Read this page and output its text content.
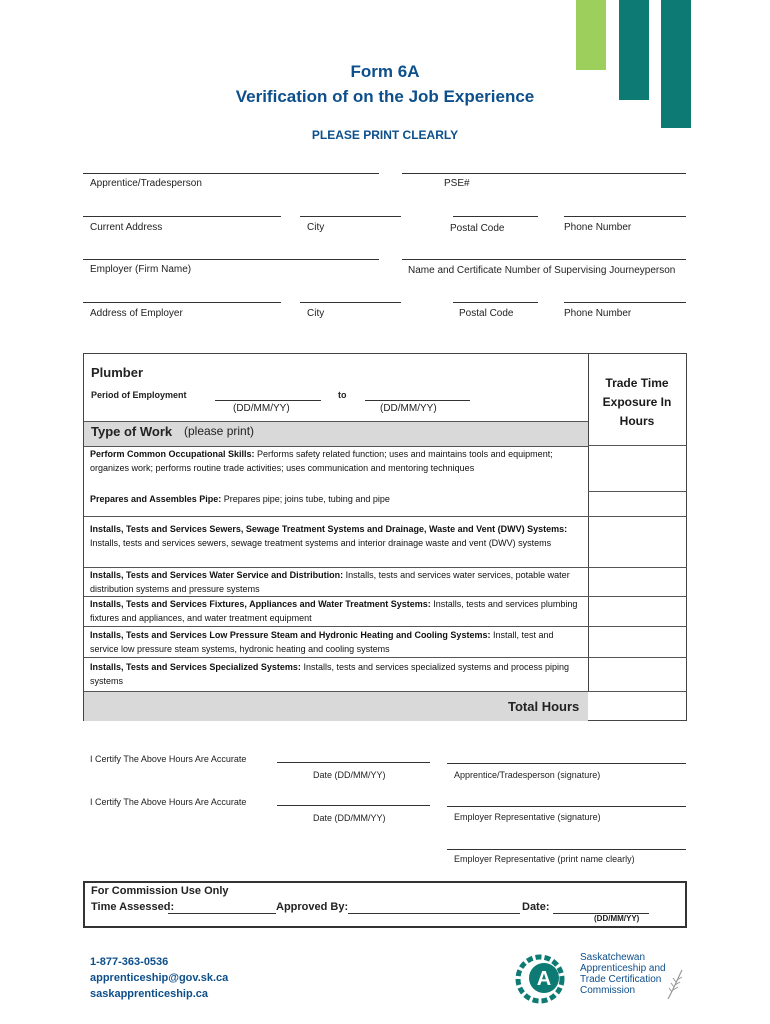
Form 6A
Verification of on the Job Experience
PLEASE PRINT CLEARLY
Apprentice/Tradesperson	PSE#
Current Address	City	Postal Code	Phone Number
Employer (Firm Name)	Name and Certificate Number of Supervising Journeyperson
Address of Employer	City	Postal Code	Phone Number
Plumber
Period of Employment	to
(DD/MM/YY)	(DD/MM/YY)
Trade Time Exposure In Hours
Type of Work (please print)
Perform Common Occupational Skills: Performs safety related function; uses and maintains tools and equipment; organizes work; performs routine trade activities; uses communication and mentoring techniques
Prepares and Assembles Pipe: Prepares pipe; joins tube, tubing and pipe
Installs, Tests and Services Sewers, Sewage Treatment Systems and Drainage, Waste and Vent (DWV) Systems: Installs, tests and services sewers, sewage treatment systems and interior drainage waste and vent (DWV) systems
Installs, Tests and Services Water Service and Distribution: Installs, tests and services water services, potable water distribution systems and pressure systems
Installs, Tests and Services Fixtures, Appliances and Water Treatment Systems: Installs, tests and services plumbing fixtures and appliances, and water treatment equipment
Installs, Tests and Services Low Pressure Steam and Hydronic Heating and Cooling Systems: Install, test and service low pressure steam systems, hydronic heating and cooling systems
Installs, Tests and Services Specialized Systems: Installs, tests and services specialized systems and process piping systems
Total Hours
I Certify The Above Hours Are Accurate
Date (DD/MM/YY)	Apprentice/Tradesperson (signature)
I Certify The Above Hours Are Accurate
Date (DD/MM/YY)	Employer Representative (signature)
Employer Representative (print name clearly)
For Commission Use Only
Time Assessed:	Approved By:	Date:
(DD/MM/YY)
1-877-363-0536
apprenticeship@gov.sk.ca
saskapprenticeship.ca
A
Saskatchewan
Apprenticeship and
Trade Certification
Commission
